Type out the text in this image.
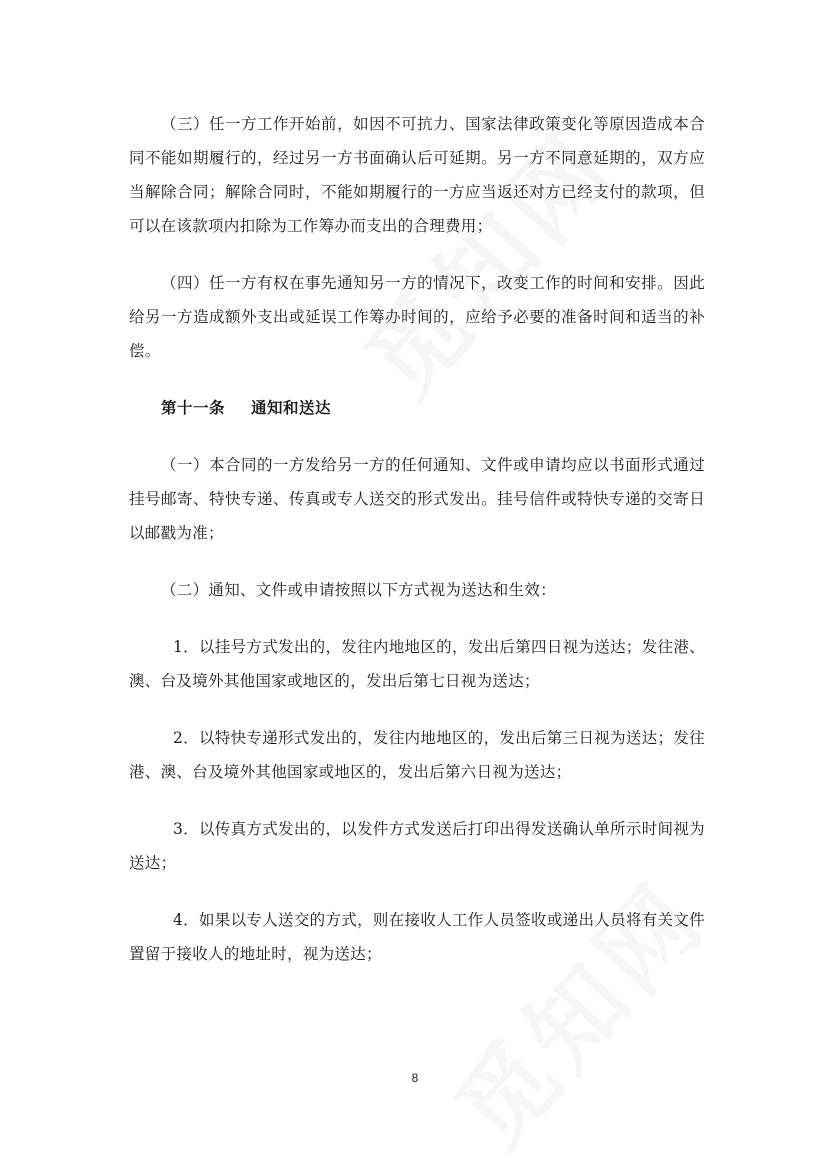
（三）任一方工作开始前，如因不可抗力、国家法律政策变化等原因造成本合同不能如期履行的，经过另一方书面确认后可延期。另一方不同意延期的，双方应当解除合同；解除合同时，不能如期履行的一方应当返还对方已经支付的款项，但可以在该款项内扣除为工作筹办而支出的合理费用；

（四）任一方有权在事先通知另一方的情况下，改变工作的时间和安排。因此给另一方造成额外支出或延误工作筹办时间的，应给予必要的准备时间和适当的补偿。

第十一条 通知和送达

（一）本合同的一方发给另一方的任何通知、文件或申请均应以书面形式通过挂号邮寄、特快专递、传真或专人送交的形式发出。挂号信件或特快专递的交寄日以邮戳为准；

（二）通知、文件或申请按照以下方式视为送达和生效：

1．以挂号方式发出的，发往内地地区的，发出后第四日视为送达；发往港、澳、台及境外其他国家或地区的，发出后第七日视为送达；

2．以特快专递形式发出的，发往内地地区的，发出后第三日视为送达；发往港、澳、台及境外其他国家或地区的，发出后第六日视为送达；

3．以传真方式发出的，以发件方式发送后打印出得发送确认单所示时间视为送达；

4．如果以专人送交的方式，则在接收人工作人员签收或递出人员将有关文件置留于接收人的地址时，视为送达；

8
